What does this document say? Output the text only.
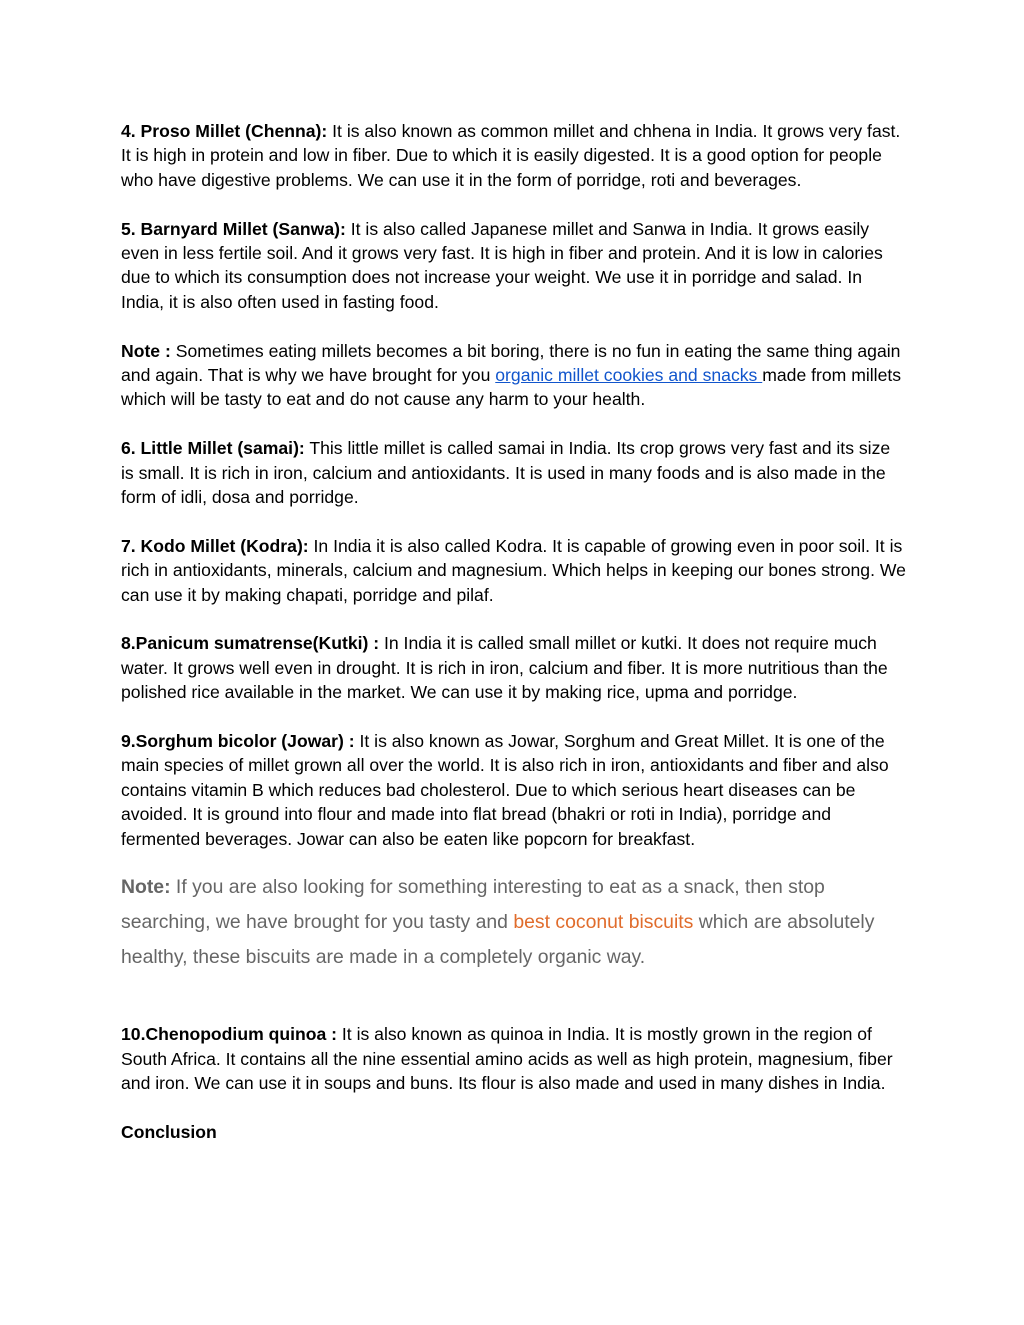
4. Proso Millet (Chenna): It is also known as common millet and chhena in India. It grows very fast. It is high in protein and low in fiber. Due to which it is easily digested. It is a good option for people who have digestive problems. We can use it in the form of porridge, roti and beverages.

5. Barnyard Millet (Sanwa): It is also called Japanese millet and Sanwa in India. It grows easily even in less fertile soil. And it grows very fast. It is high in fiber and protein. And it is low in calories due to which its consumption does not increase your weight. We use it in porridge and salad. In India, it is also often used in fasting food.

Note : Sometimes eating millets becomes a bit boring, there is no fun in eating the same thing again and again. That is why we have brought for you organic millet cookies and snacks made from millets which will be tasty to eat and do not cause any harm to your health.

6. Little Millet (samai): This little millet is called samai in India. Its crop grows very fast and its size is small. It is rich in iron, calcium and antioxidants. It is used in many foods and is also made in the form of idli, dosa and porridge.

7. Kodo Millet (Kodra): In India it is also called Kodra. It is capable of growing even in poor soil. It is rich in antioxidants, minerals, calcium and magnesium. Which helps in keeping our bones strong. We can use it by making chapati, porridge and pilaf.

8.Panicum sumatrense(Kutki) : In India it is called small millet or kutki. It does not require much water. It grows well even in drought. It is rich in iron, calcium and fiber. It is more nutritious than the polished rice available in the market. We can use it by making rice, upma and porridge.

9.Sorghum bicolor (Jowar) : It is also known as Jowar, Sorghum and Great Millet. It is one of the main species of millet grown all over the world. It is also rich in iron, antioxidants and fiber and also contains vitamin B which reduces bad cholesterol. Due to which serious heart diseases can be avoided. It is ground into flour and made into flat bread (bhakri or roti in India), porridge and fermented beverages. Jowar can also be eaten like popcorn for breakfast.

Note: If you are also looking for something interesting to eat as a snack, then stop searching, we have brought for you tasty and best coconut biscuits which are absolutely healthy, these biscuits are made in a completely organic way.

10.Chenopodium quinoa : It is also known as quinoa in India. It is mostly grown in the region of South Africa. It contains all the nine essential amino acids as well as high protein, magnesium, fiber and iron. We can use it in soups and buns. Its flour is also made and used in many dishes in India.

Conclusion
